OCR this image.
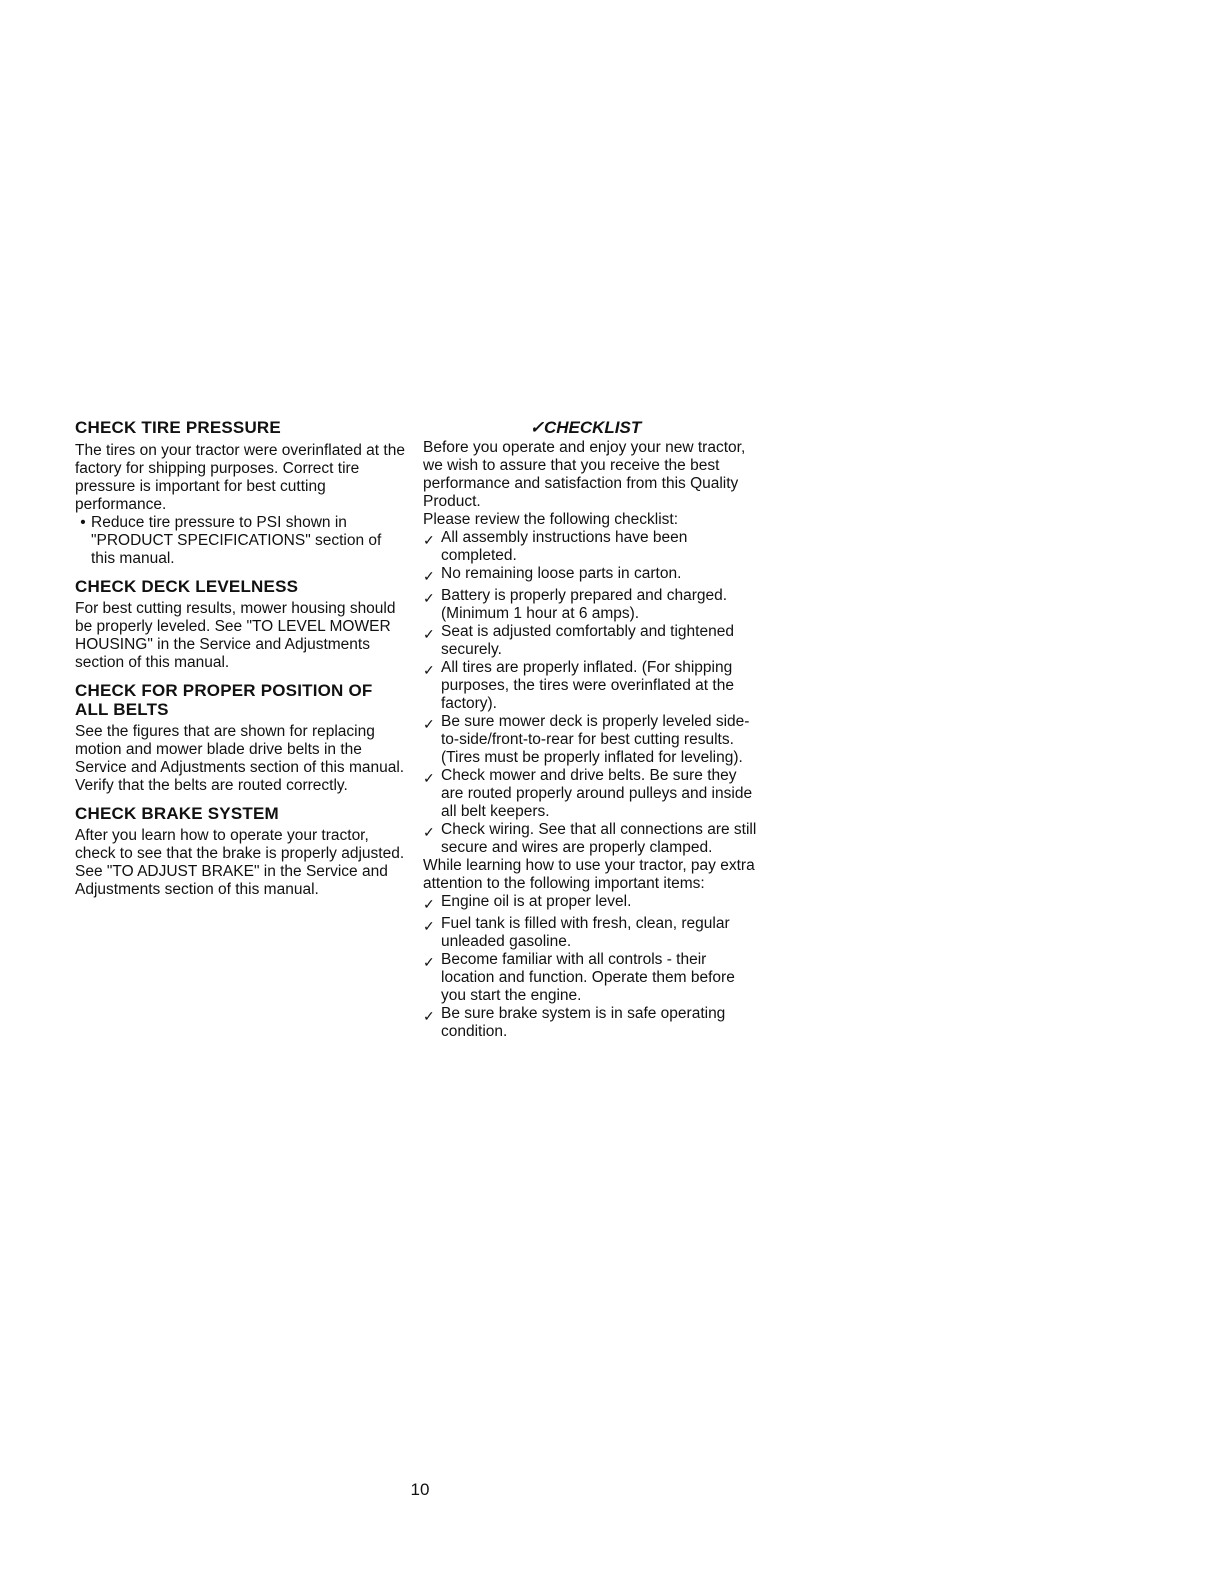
CHECK TIRE PRESSURE

The tires on your tractor were overinflated at the factory for shipping purposes. Correct tire pressure is important for best cutting performance.

• Reduce tire pressure to PSI shown in "PRODUCT SPECIFICATIONS" section of this manual.
CHECK DECK LEVELNESS

For best cutting results, mower housing should be properly leveled. See "TO LEVEL MOWER HOUSING" in the Service and Adjustments section of this manual.

CHECK FOR PROPER POSITION OF ALL BELTS

See the figures that are shown for replacing motion and mower blade drive belts in the Service and Adjustments section of this manual. Verify that the belts are routed correctly.

CHECK BRAKE SYSTEM

After you learn how to operate your tractor, check to see that the brake is properly adjusted. See "TO ADJUST BRAKE" in the Service and Adjustments section of this manual.

✓CHECKLIST

Before you operate and enjoy your new tractor, we wish to assure that you receive the best performance and satisfaction from this Quality Product.

Please review the following checklist:

✓ All assembly instructions have been completed.
✓ No remaining loose parts in carton.
✓ Battery is properly prepared and charged. (Minimum 1 hour at 6 amps).
✓ Seat is adjusted comfortably and tightened securely.
✓ All tires are properly inflated. (For shipping purposes, the tires were overinflated at the factory).
✓ Be sure mower deck is properly leveled side-to-side/front-to-rear for best cutting results. (Tires must be properly inflated for leveling).
✓ Check mower and drive belts. Be sure they are routed properly around pulleys and inside all belt keepers.
✓ Check wiring. See that all connections are still secure and wires are properly clamped.

While learning how to use your tractor, pay extra attention to the following important items:

✓ Engine oil is at proper level.
✓ Fuel tank is filled with fresh, clean, regular unleaded gasoline.
✓ Become familiar with all controls - their location and function. Operate them before you start the engine.
✓ Be sure brake system is in safe operating condition.
10
